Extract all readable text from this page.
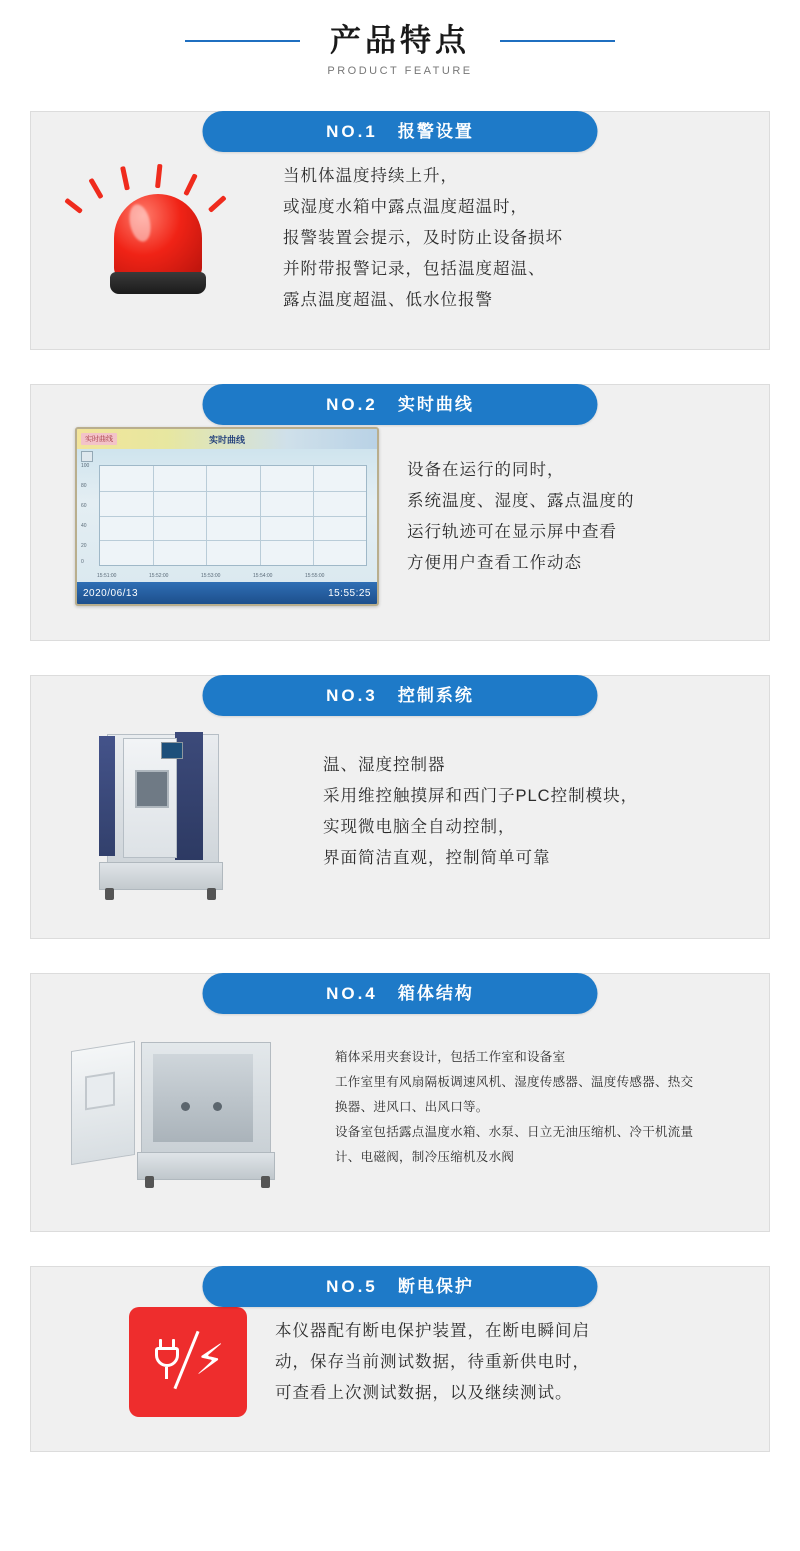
产品特点
PRODUCT FEATURE
NO.1 报警设置

当机体温度持续上升，

或湿度水箱中露点温度超温时，

报警装置会提示，及时防止设备损坏

并附带报警记录，包括温度超温、

露点温度超温、低水位报警

NO.2 实时曲线
实时曲线	实时曲线
100
80
60
40
20
0
15:51:00	15:52:00	15:53:00	15:54:00	15:55:00
2020/06/13	15:55:25

设备在运行的同时，

系统温度、湿度、露点温度的

运行轨迹可在显示屏中查看

方便用户查看工作动态

NO.3 控制系统

温、湿度控制器

采用维控触摸屏和西门子PLC控制模块，

实现微电脑全自动控制，

界面简洁直观，控制简单可靠

NO.4 箱体结构

箱体采用夹套设计，包括工作室和设备室

工作室里有风扇隔板调速风机、湿度传感器、温度传感器、热交

换器、进风口、出风口等。

设备室包括露点温度水箱、水泵、日立无油压缩机、冷干机流量

计、电磁阀，制冷压缩机及水阀

NO.5 断电保护
⚡

本仪器配有断电保护装置，在断电瞬间启

动，保存当前测试数据，待重新供电时，

可查看上次测试数据，以及继续测试。
